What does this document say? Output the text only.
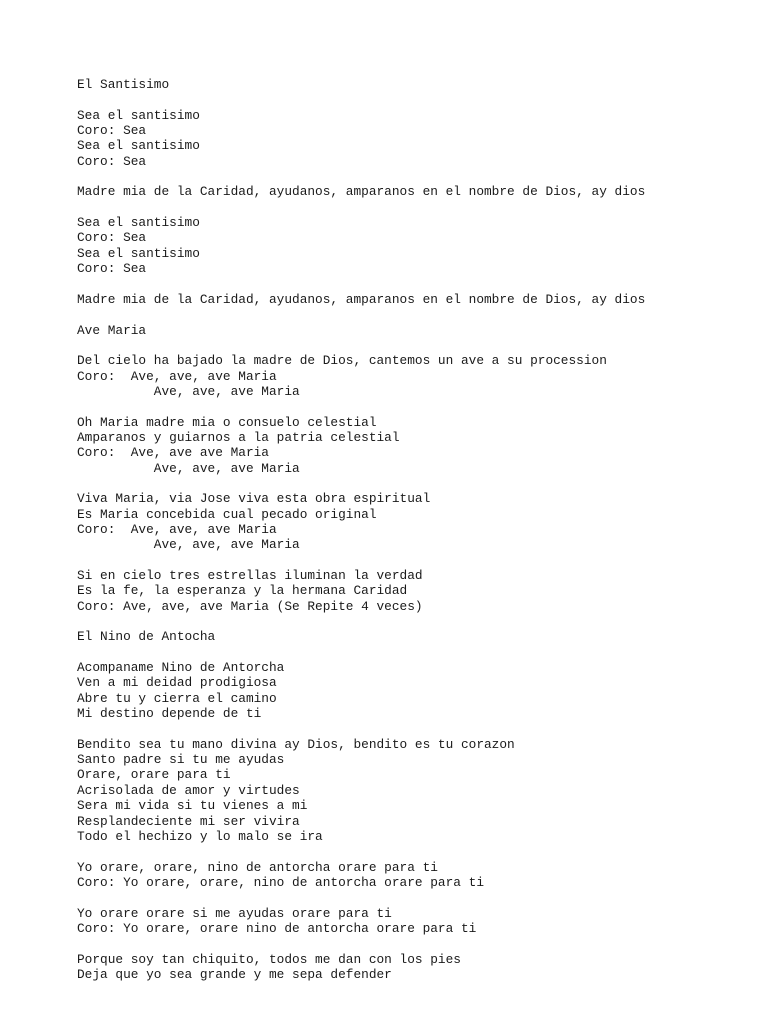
El Santisimo
Sea el santisimo
Coro: Sea
Sea el santisimo
Coro: Sea
Madre mia de la Caridad, ayudanos, amparanos en el nombre de Dios, ay dios
Sea el santisimo
Coro: Sea
Sea el santisimo
Coro: Sea
Madre mia de la Caridad, ayudanos, amparanos en el nombre de Dios, ay dios
Ave Maria
Del cielo ha bajado la madre de Dios, cantemos un ave a su procession
Coro:  Ave, ave, ave Maria
Ave, ave, ave Maria
Oh Maria madre mia o consuelo celestial
Amparanos y guiarnos a la patria celestial
Coro:  Ave, ave ave Maria
Ave, ave, ave Maria
Viva Maria, via Jose viva esta obra espiritual
Es Maria concebida cual pecado original
Coro:  Ave, ave, ave Maria
Ave, ave, ave Maria
Si en cielo tres estrellas iluminan la verdad
Es la fe, la esperanza y la hermana Caridad
Coro: Ave, ave, ave Maria (Se Repite 4 veces)
El Nino de Antocha
Acompaname Nino de Antorcha
Ven a mi deidad prodigiosa
Abre tu y cierra el camino
Mi destino depende de ti
Bendito sea tu mano divina ay Dios, bendito es tu corazon
Santo padre si tu me ayudas
Orare, orare para ti
Acrisolada de amor y virtudes
Sera mi vida si tu vienes a mi
Resplandeciente mi ser vivira
Todo el hechizo y lo malo se ira
Yo orare, orare, nino de antorcha orare para ti
Coro: Yo orare, orare, nino de antorcha orare para ti
Yo orare orare si me ayudas orare para ti
Coro: Yo orare, orare nino de antorcha orare para ti
Porque soy tan chiquito, todos me dan con los pies
Deja que yo sea grande y me sepa defender
